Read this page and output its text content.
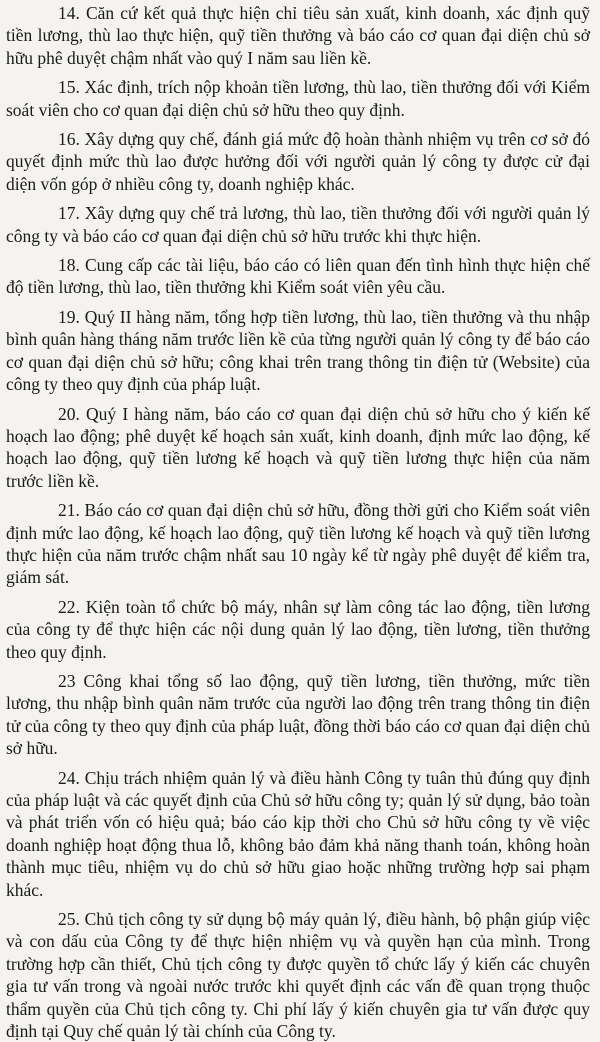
14. Căn cứ kết quả thực hiện chỉ tiêu sản xuất, kinh doanh, xác định quỹ tiền lương, thù lao thực hiện, quỹ tiền thưởng và báo cáo cơ quan đại diện chủ sở hữu phê duyệt chậm nhất vào quý I năm sau liền kề.

15. Xác định, trích nộp khoản tiền lương, thù lao, tiền thưởng đối với Kiểm soát viên cho cơ quan đại diện chủ sở hữu theo quy định.

16. Xây dựng quy chế, đánh giá mức độ hoàn thành nhiệm vụ trên cơ sở đó quyết định mức thù lao được hưởng đối với người quản lý công ty được cử đại diện vốn góp ở nhiều công ty, doanh nghiệp khác.

17. Xây dựng quy chế trả lương, thù lao, tiền thưởng đối với người quản lý công ty và báo cáo cơ quan đại diện chủ sở hữu trước khi thực hiện.

18. Cung cấp các tài liệu, báo cáo có liên quan đến tình hình thực hiện chế độ tiền lương, thù lao, tiền thưởng khi Kiểm soát viên yêu cầu.

19. Quý II hàng năm, tổng hợp tiền lương, thù lao, tiền thưởng và thu nhập bình quân hàng tháng năm trước liền kề của từng người quản lý công ty để báo cáo cơ quan đại diện chủ sở hữu; công khai trên trang thông tin điện tử (Website) của công ty theo quy định của pháp luật.

20. Quý I hàng năm, báo cáo cơ quan đại diện chủ sở hữu cho ý kiến kế hoạch lao động; phê duyệt kế hoạch sản xuất, kinh doanh, định mức lao động, kế hoạch lao động, quỹ tiền lương kế hoạch và quỹ tiền lương thực hiện của năm trước liền kề.

21. Báo cáo cơ quan đại diện chủ sở hữu, đồng thời gửi cho Kiểm soát viên định mức lao động, kế hoạch lao động, quỹ tiền lương kế hoạch và quỹ tiền lương thực hiện của năm trước chậm nhất sau 10 ngày kể từ ngày phê duyệt để kiểm tra, giám sát.

22. Kiện toàn tổ chức bộ máy, nhân sự làm công tác lao động, tiền lương của công ty để thực hiện các nội dung quản lý lao động, tiền lương, tiền thưởng theo quy định.

23 Công khai tổng số lao động, quỹ tiền lương, tiền thưởng, mức tiền lương, thu nhập bình quân năm trước của người lao động trên trang thông tin điện tử của công ty theo quy định của pháp luật, đồng thời báo cáo cơ quan đại diện chủ sở hữu.

24. Chịu trách nhiệm quản lý và điều hành Công ty tuân thủ đúng quy định của pháp luật và các quyết định của Chủ sở hữu công ty; quản lý sử dụng, bảo toàn và phát triển vốn có hiệu quả; báo cáo kịp thời cho Chủ sở hữu công ty về việc doanh nghiệp hoạt động thua lỗ, không bảo đảm khả năng thanh toán, không hoàn thành mục tiêu, nhiệm vụ do chủ sở hữu giao hoặc những trường hợp sai phạm khác.

25. Chủ tịch công ty sử dụng bộ máy quản lý, điều hành, bộ phận giúp việc và con dấu của Công ty để thực hiện nhiệm vụ và quyền hạn của mình. Trong trường hợp cần thiết, Chủ tịch công ty được quyền tổ chức lấy ý kiến các chuyên gia tư vấn trong và ngoài nước trước khi quyết định các vấn đề quan trọng thuộc thẩm quyền của Chủ tịch công ty. Chi phí lấy ý kiến chuyên gia tư vấn được quy định tại Quy chế quản lý tài chính của Công ty.
